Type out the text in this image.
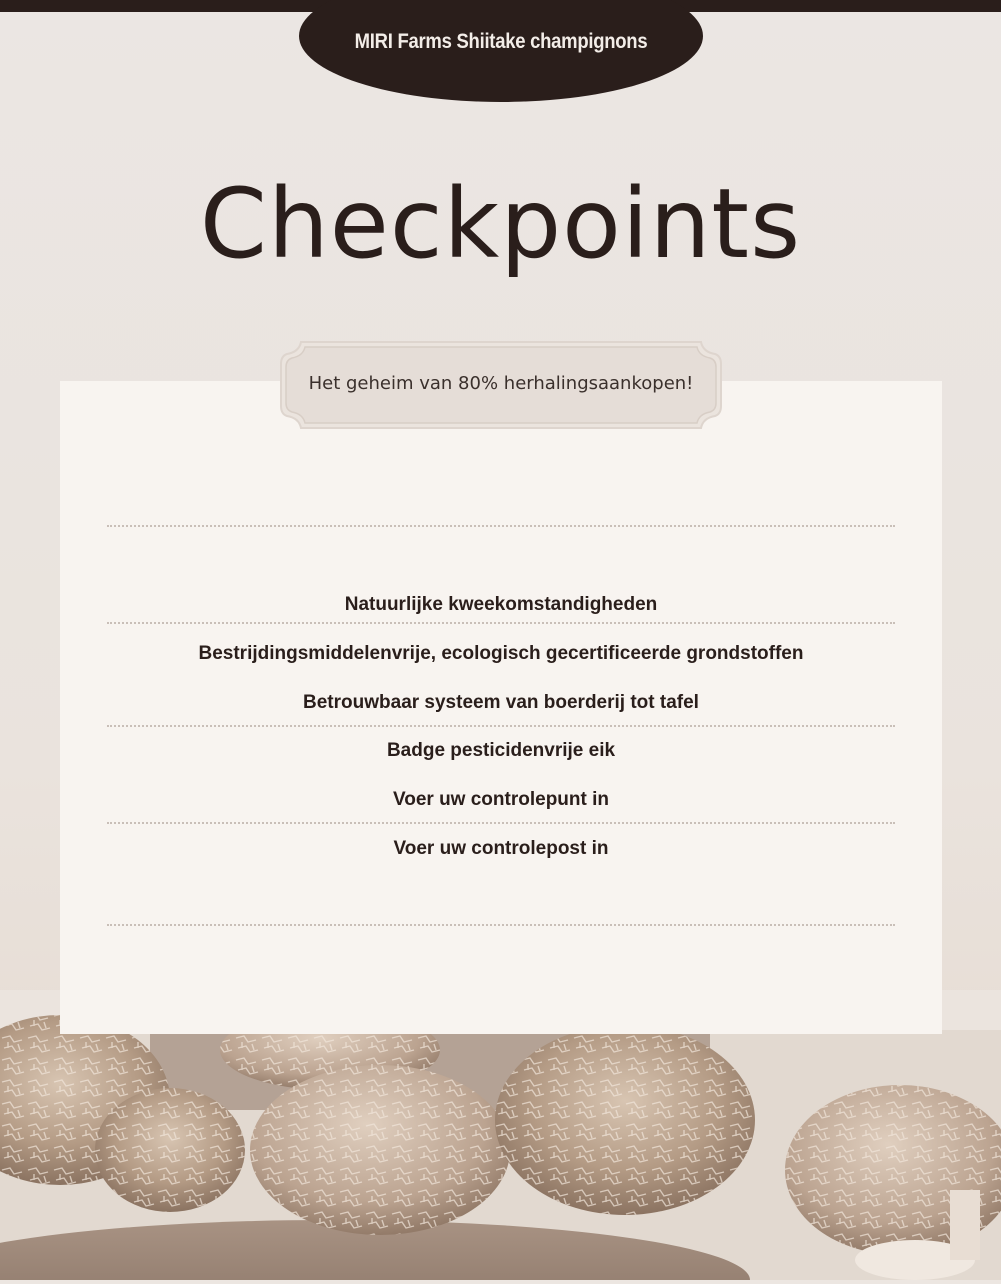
MIRI Farms Shiitake champignons
Checkpoints
Het geheim van 80% herhalingsaankopen!
Natuurlijke kweekomstandigheden
Bestrijdingsmiddelenvrije, ecologisch gecertificeerde grondstoffen
Betrouwbaar systeem van boerderij tot tafel
Badge pesticidenvrije eik
Voer uw controlepunt in
Voer uw controlepost in
